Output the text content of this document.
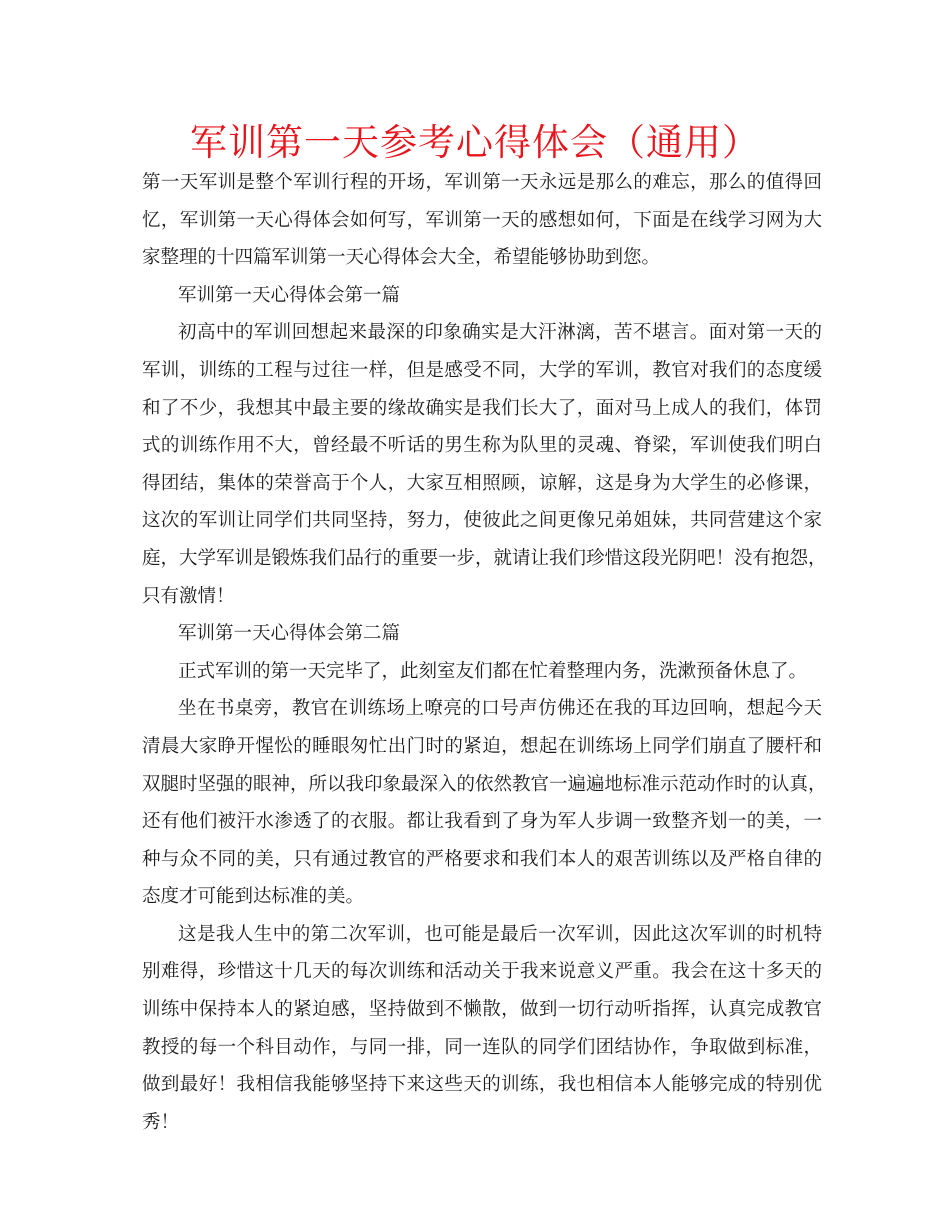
军训第一天参考心得体会（通用）
第一天军训是整个军训行程的开场，军训第一天永远是那么的难忘，那么的值得回
忆，军训第一天心得体会如何写，军训第一天的感想如何，下面是在线学习网为大
家整理的十四篇军训第一天心得体会大全，希望能够协助到您。
军训第一天心得体会第一篇
初高中的军训回想起来最深的印象确实是大汗淋漓，苦不堪言。面对第一天的
军训，训练的工程与过往一样，但是感受不同，大学的军训，教官对我们的态度缓
和了不少，我想其中最主要的缘故确实是我们长大了，面对马上成人的我们，体罚
式的训练作用不大，曾经最不听话的男生称为队里的灵魂、脊梁，军训使我们明白
得团结，集体的荣誉高于个人，大家互相照顾，谅解，这是身为大学生的必修课，
这次的军训让同学们共同坚持，努力，使彼此之间更像兄弟姐妹，共同营建这个家
庭，大学军训是锻炼我们品行的重要一步，就请让我们珍惜这段光阴吧！没有抱怨，
只有激情！
军训第一天心得体会第二篇
正式军训的第一天完毕了，此刻室友们都在忙着整理内务，洗漱预备休息了。
坐在书桌旁，教官在训练场上嘹亮的口号声仿佛还在我的耳边回响，想起今天
清晨大家睁开惺忪的睡眼匆忙出门时的紧迫，想起在训练场上同学们崩直了腰杆和
双腿时坚强的眼神，所以我印象最深入的依然教官一遍遍地标准示范动作时的认真，
还有他们被汗水渗透了的衣服。都让我看到了身为军人步调一致整齐划一的美，一
种与众不同的美，只有通过教官的严格要求和我们本人的艰苦训练以及严格自律的
态度才可能到达标准的美。
这是我人生中的第二次军训，也可能是最后一次军训，因此这次军训的时机特
别难得，珍惜这十几天的每次训练和活动关于我来说意义严重。我会在这十多天的
训练中保持本人的紧迫感，坚持做到不懒散，做到一切行动听指挥，认真完成教官
教授的每一个科目动作，与同一排，同一连队的同学们团结协作，争取做到标准，
做到最好！我相信我能够坚持下来这些天的训练，我也相信本人能够完成的特别优
秀！
